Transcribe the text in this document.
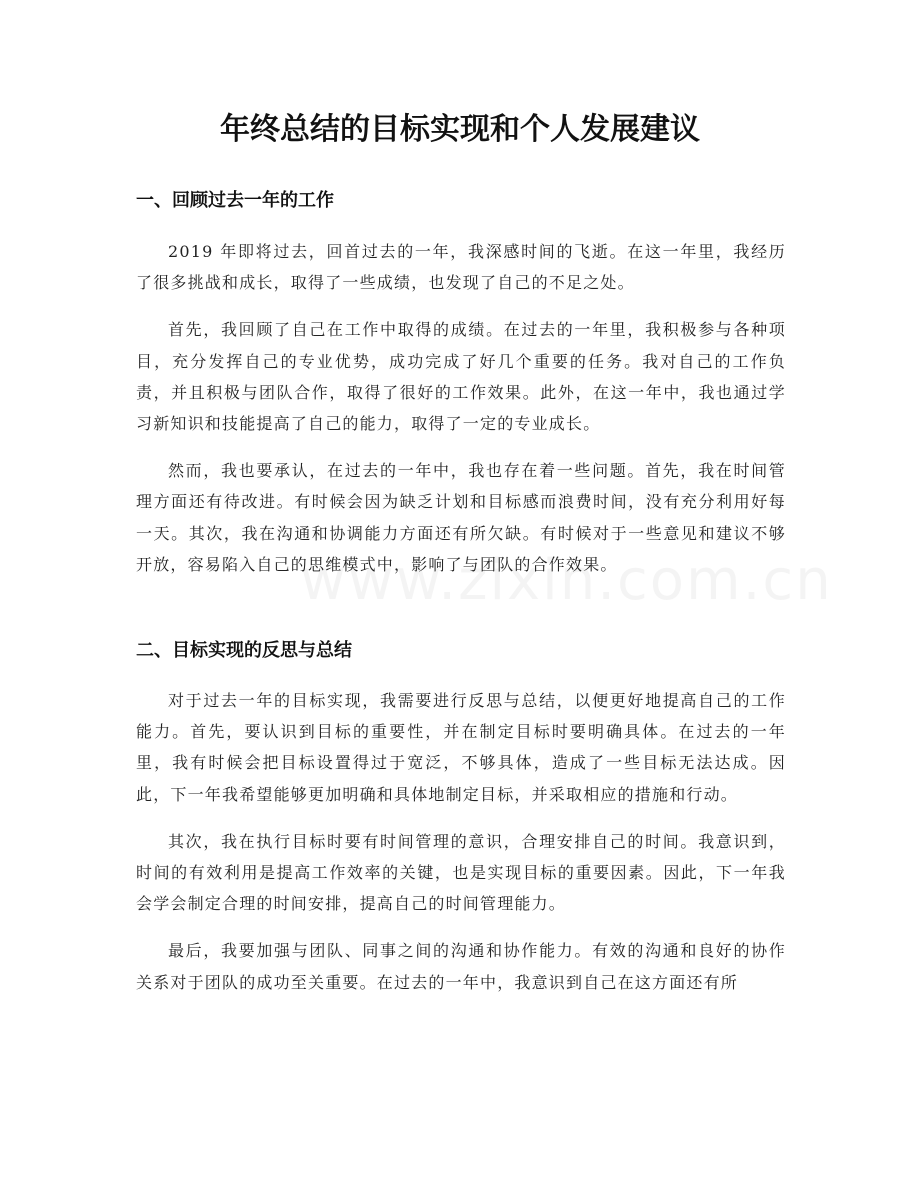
年终总结的目标实现和个人发展建议
一、回顾过去一年的工作

2019 年即将过去，回首过去的一年，我深感时间的飞逝。在这一年里，我经历了很多挑战和成长，取得了一些成绩，也发现了自己的不足之处。

首先，我回顾了自己在工作中取得的成绩。在过去的一年里，我积极参与各种项目，充分发挥自己的专业优势，成功完成了好几个重要的任务。我对自己的工作负责，并且积极与团队合作，取得了很好的工作效果。此外，在这一年中，我也通过学习新知识和技能提高了自己的能力，取得了一定的专业成长。

然而，我也要承认，在过去的一年中，我也存在着一些问题。首先，我在时间管理方面还有待改进。有时候会因为缺乏计划和目标感而浪费时间，没有充分利用好每一天。其次，我在沟通和协调能力方面还有所欠缺。有时候对于一些意见和建议不够开放，容易陷入自己的思维模式中，影响了与团队的合作效果。

二、目标实现的反思与总结

对于过去一年的目标实现，我需要进行反思与总结，以便更好地提高自己的工作能力。首先，要认识到目标的重要性，并在制定目标时要明确具体。在过去的一年里，我有时候会把目标设置得过于宽泛，不够具体，造成了一些目标无法达成。因此，下一年我希望能够更加明确和具体地制定目标，并采取相应的措施和行动。

其次，我在执行目标时要有时间管理的意识，合理安排自己的时间。我意识到，时间的有效利用是提高工作效率的关键，也是实现目标的重要因素。因此，下一年我会学会制定合理的时间安排，提高自己的时间管理能力。

最后，我要加强与团队、同事之间的沟通和协作能力。有效的沟通和良好的协作关系对于团队的成功至关重要。在过去的一年中，我意识到自己在这方面还有所
